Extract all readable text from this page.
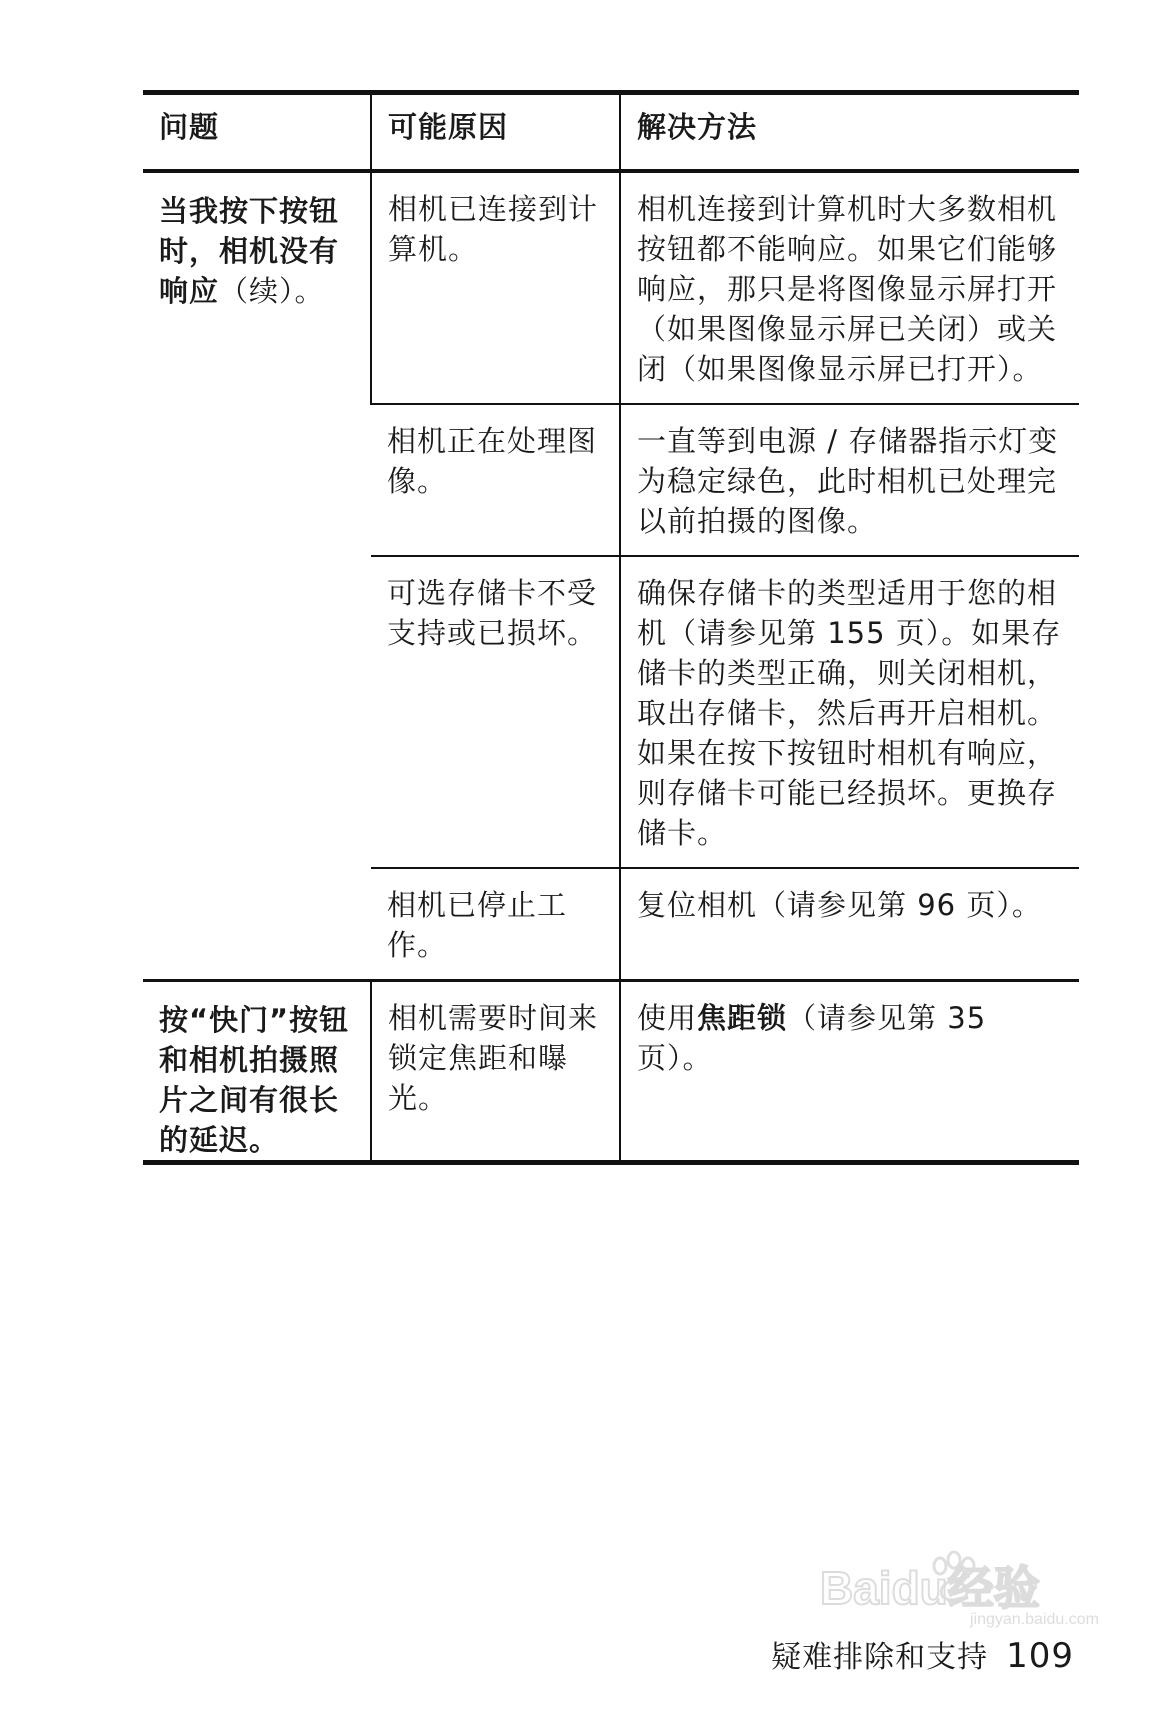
问题	可能原因	解决方法
当我按下按钮时，相机没有响应（续）。	相机已连接到计算机。	相机连接到计算机时大多数相机按钮都不能响应。如果它们能够响应，那只是将图像显示屏打开（如果图像显示屏已关闭）或关闭（如果图像显示屏已打开）。
	相机正在处理图像。	一直等到电源 / 存储器指示灯变为稳定绿色，此时相机已处理完以前拍摄的图像。
	可选存储卡不受支持或已损坏。	确保存储卡的类型适用于您的相机（请参见第 155 页）。如果存储卡的类型正确，则关闭相机，取出存储卡，然后再开启相机。如果在按下按钮时相机有响应，则存储卡可能已经损坏。更换存储卡。
	相机已停止工作。	复位相机（请参见第 96 页）。
按“快门”按钮和相机拍摄照片之间有很长的延迟。	相机需要时间来锁定焦距和曝光。	使用焦距锁（请参见第 35 页）。
Baidu经验
jingyan.baidu.com
疑难排除和支持 109
